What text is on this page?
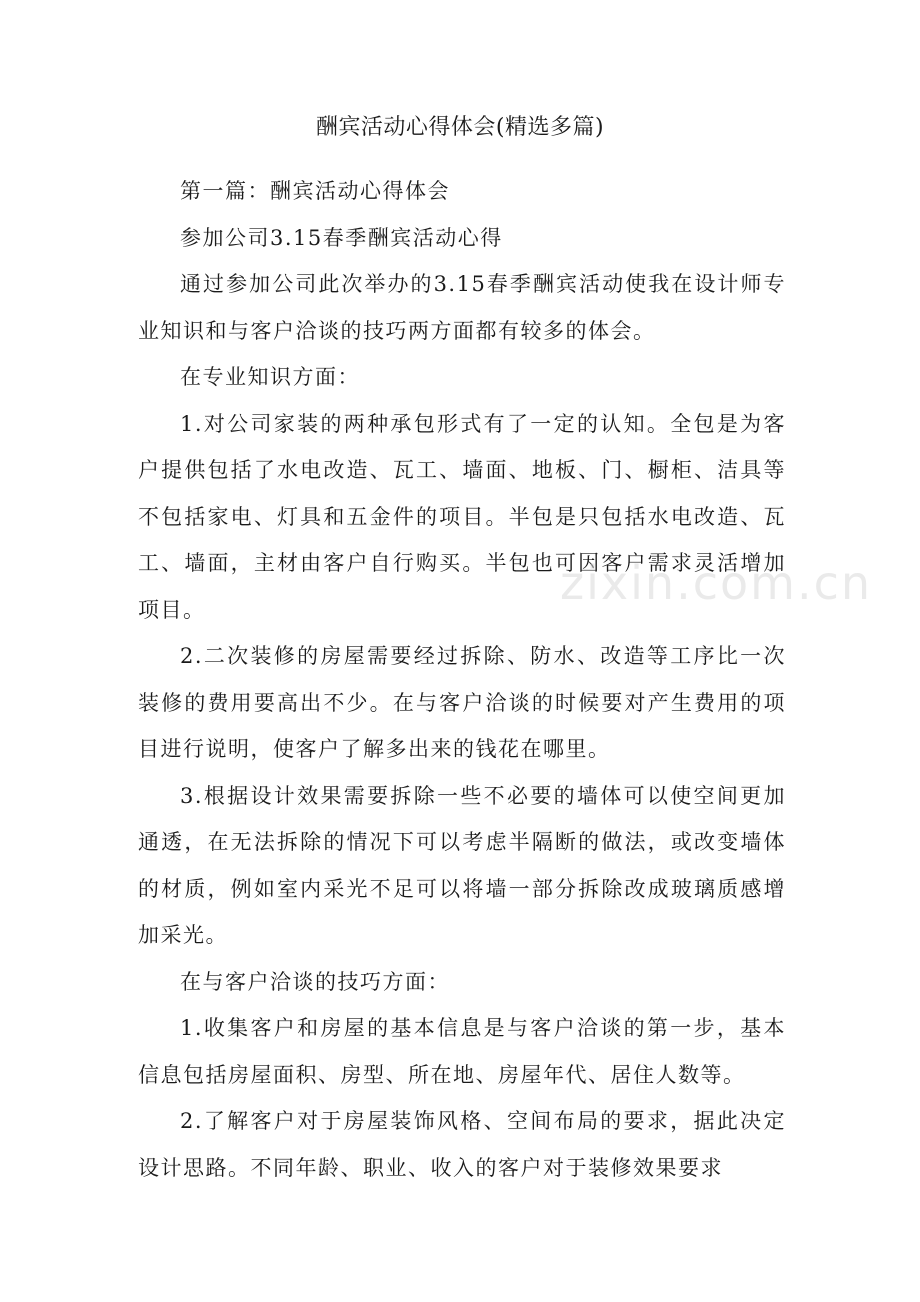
酬宾活动心得体会(精选多篇)

第一篇：酬宾活动心得体会

参加公司3.15春季酬宾活动心得

通过参加公司此次举办的3.15春季酬宾活动使我在设计师专业知识和与客户洽谈的技巧两方面都有较多的体会。

在专业知识方面：

1.对公司家装的两种承包形式有了一定的认知。全包是为客户提供包括了水电改造、瓦工、墙面、地板、门、橱柜、洁具等不包括家电、灯具和五金件的项目。半包是只包括水电改造、瓦工、墙面，主材由客户自行购买。半包也可因客户需求灵活增加项目。

2.二次装修的房屋需要经过拆除、防水、改造等工序比一次装修的费用要高出不少。在与客户洽谈的时候要对产生费用的项目进行说明，使客户了解多出来的钱花在哪里。

3.根据设计效果需要拆除一些不必要的墙体可以使空间更加通透，在无法拆除的情况下可以考虑半隔断的做法，或改变墙体的材质，例如室内采光不足可以将墙一部分拆除改成玻璃质感增加采光。

在与客户洽谈的技巧方面：

1.收集客户和房屋的基本信息是与客户洽谈的第一步，基本信息包括房屋面积、房型、所在地、房屋年代、居住人数等。

2.了解客户对于房屋装饰风格、空间布局的要求，据此决定设计思路。不同年龄、职业、收入的客户对于装修效果要求

zixin.com.cn
